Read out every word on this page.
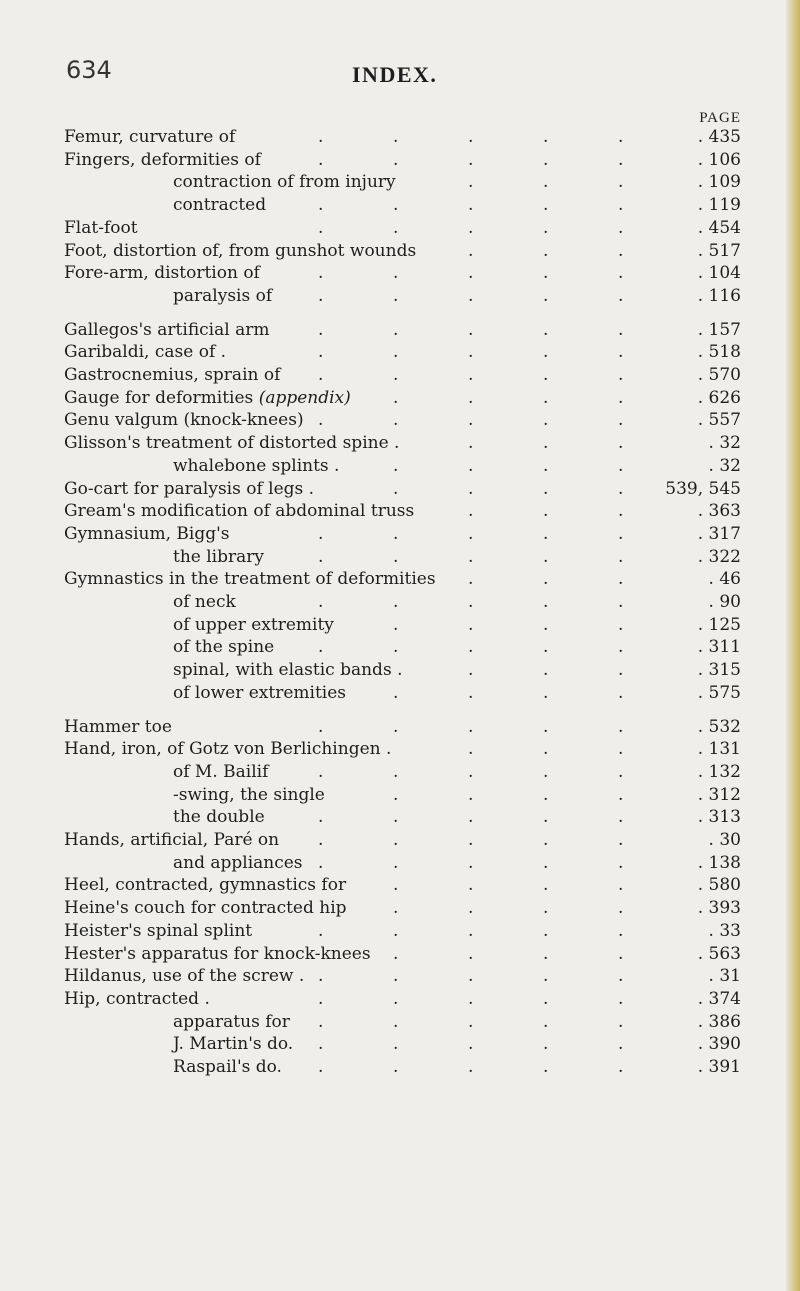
634	INDEX.
PAGE
Femur, curvature of	.	.	.	.	.	. 435
Fingers, deformities of	.	.	.	.	.	. 106
contraction of from injury	.	.	.	. 109
contracted	.	.	.	.	.	. 119
Flat-foot	.	.	.	.	.	. 454
Foot, distortion of, from gunshot wounds	.	.	.	. 517
Fore-arm, distortion of	.	.	.	.	.	. 104
paralysis of	.	.	.	.	.	. 116
Gallegos's artificial arm	.	.	.	.	.	. 157
Garibaldi, case of .	.	.	.	.	.	. 518
Gastrocnemius, sprain of .	.	.	.	.	. 570
Gauge for deformities (appendix) .	.	.	.	. 626
Genu valgum (knock-knees) .	.	.	.	.	. 557
Glisson's treatment of distorted spine .	.	.	.	. 32
whalebone splints .	.	.	.	.	. 32
Go-cart for paralysis of legs .	.	.	.	.	539, 545
Gream's modification of abdominal truss	.	.	.	. 363
Gymnasium, Bigg's	.	.	.	.	.	. 317
the library	.	.	.	.	.	. 322
Gymnastics in the treatment of deformities .	.	.	. 46
of neck	.	.	.	.	.	. 90
of upper extremity	.	.	.	.	. 125
of the spine	.	.	.	.	.	. 311
spinal, with elastic bands .	.	.	.	. 315
of lower extremities	.	.	.	.	. 575
Hammer toe	.	.	.	.	.	. 532
Hand, iron, of Gotz von Berlichingen .	.	.	.	. 131
of M. Bailif	.	.	.	.	.	. 132
-swing, the single	.	.	.	.	. 312
the double	.	.	.	.	.	. 313
Hands, artificial, Paré on .	.	.	.	.	. 30
and appliances .	.	.	.	.	. 138
Heel, contracted, gymnastics for	.	.	.	.	. 580
Heine's couch for contracted hip	.	.	.	.	. 393
Heister's spinal splint	.	.	.	.	.	. 33
Hester's apparatus for knock-knees .	.	.	.	. 563
Hildanus, use of the screw . .	.	.	.	.	. 31
Hip, contracted .	.	.	.	.	.	. 374
apparatus for .	.	.	.	.	. 386
J. Martin's do. .	.	.	.	.	. 390
Raspail's do. .	.	.	.	.	. 391
